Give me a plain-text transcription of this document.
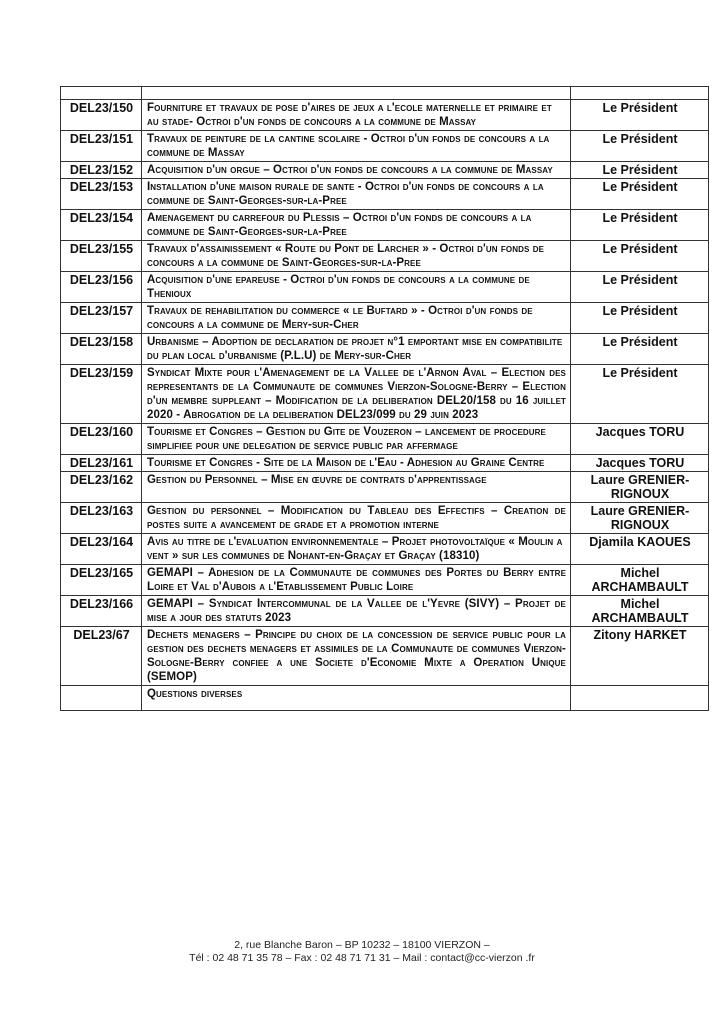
DEL23/150	Fourniture et travaux de pose d'aires de jeux a l'ecole maternelle et primaire et au stade- Octroi d'un fonds de concours a la commune de Massay	Le Président
DEL23/151	Travaux de peinture de la cantine scolaire - Octroi d'un fonds de concours a la commune de Massay	Le Président
DEL23/152	Acquisition d'un orgue – Octroi d'un fonds de concours a la commune de Massay	Le Président
DEL23/153	Installation d'une maison rurale de sante - Octroi d'un fonds de concours a la commune de Saint-Georges-sur-la-Pree	Le Président
DEL23/154	Amenagement du carrefour du Plessis – Octroi d'un fonds de concours a la commune de Saint-Georges-sur-la-Pree	Le Président
DEL23/155	Travaux d'assainissement « Route du Pont de Larcher » - Octroi d'un fonds de concours a la commune de Saint-Georges-sur-la-Pree	Le Président
DEL23/156	Acquisition d'une epareuse - Octroi d'un fonds de concours a la commune de Thenioux	Le Président
DEL23/157	Travaux de rehabilitation du commerce « le Buftard » - Octroi d'un fonds de concours a la commune de Mery-sur-Cher	Le Président
DEL23/158	Urbanisme – Adoption de declaration de projet n°1 emportant mise en compatibilite du plan local d'urbanisme (P.L.U) de Mery-sur-Cher	Le Président
DEL23/159	Syndicat Mixte pour l'Amenagement de la Vallee de l'Arnon Aval – Election des representants de la Communaute de communes Vierzon-Sologne-Berry – Election d'un membre suppleant – Modification de la deliberation DEL20/158 du 16 juillet 2020 - Abrogation de la deliberation DEL23/099 du 29 juin 2023	Le Président
DEL23/160	Tourisme et Congres – Gestion du Gite de Vouzeron – lancement de procedure simplifiee pour une delegation de service public par affermage	Jacques TORU
DEL23/161	Tourisme et Congres - Site de la Maison de l'Eau - Adhesion au Graine Centre	Jacques TORU
DEL23/162	Gestion du Personnel – Mise en œuvre de contrats d'apprentissage	Laure GRENIER-RIGNOUX
DEL23/163	Gestion du personnel – Modification du Tableau des Effectifs – Creation de postes suite a avancement de grade et a promotion interne	Laure GRENIER-RIGNOUX
DEL23/164	Avis au titre de l'evaluation environnementale – Projet photovoltaïque « Moulin a vent » sur les communes de Nohant-en-Graçay et Graçay (18310)	Djamila KAOUES
DEL23/165	GEMAPI – Adhesion de la Communaute de communes des Portes du Berry entre Loire et Val d'Aubois a l'Etablissement Public Loire	Michel ARCHAMBAULT
DEL23/166	GEMAPI – Syndicat Intercommunal de la Vallee de l'Yevre (SIVY) – Projet de mise a jour des statuts 2023	Michel ARCHAMBAULT
DEL23/67	Dechets menagers – Principe du choix de la concession de service public pour la gestion des dechets menagers et assimiles de la Communaute de communes Vierzon-Sologne-Berry confiee a une Societe d'Economie Mixte a Operation Unique (SEMOP)	Zitony HARKET
	Questions diverses	
2, rue Blanche Baron – BP 10232 – 18100 VIERZON –
Tél : 02 48 71 35 78 – Fax : 02 48 71 71 31 – Mail : contact@cc-vierzon .fr
